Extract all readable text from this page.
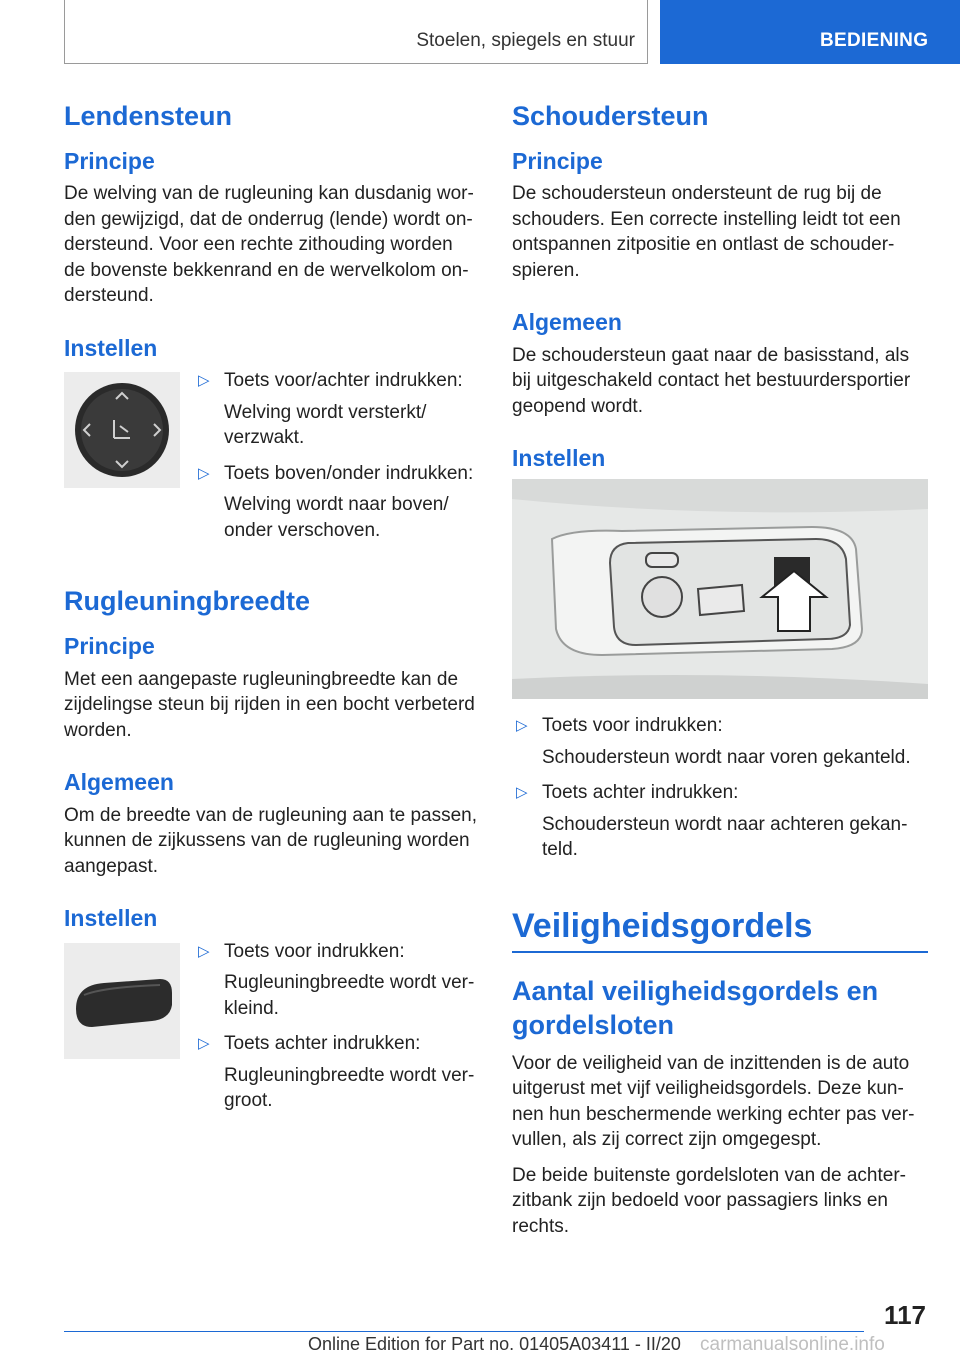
Stoelen, spiegels en stuur	BEDIENING
Lendensteun
Principe

De welving van de rugleuning kan dusdanig wor-den gewijzigd, dat de onderrug (lende) wordt on-dersteund. Voor een rechte zithouding worden de bovenste bekkenrand en de wervelkolom on-dersteund.

Instellen
▷ Toets voor/achter indrukken:
Welving wordt versterkt/ verzwakt.
▷ Toets boven/onder indrukken:
Welving wordt naar boven/ onder verschoven.
Rugleuningbreedte
Principe

Met een aangepaste rugleuningbreedte kan de zijdelingse steun bij rijden in een bocht verbeterd worden.

Algemeen

Om de breedte van de rugleuning aan te passen, kunnen de zijkussens van de rugleuning worden aangepast.

Instellen
▷ Toets voor indrukken:
Rugleuningbreedte wordt ver-kleind.
▷ Toets achter indrukken:
Rugleuningbreedte wordt ver-groot.
Schoudersteun
Principe

De schoudersteun ondersteunt de rug bij de schouders. Een correcte instelling leidt tot een ontspannen zitpositie en ontlast de schouder-spieren.

Algemeen

De schoudersteun gaat naar de basisstand, als bij uitgeschakeld contact het bestuurdersportier geopend wordt.

Instellen
▷ Toets voor indrukken:
Schoudersteun wordt naar voren gekanteld.
▷ Toets achter indrukken:
Schoudersteun wordt naar achteren gekan-teld.
Veiligheidsgordels
Aantal veiligheidsgordels en gordelsloten

Voor de veiligheid van de inzittenden is de auto uitgerust met vijf veiligheidsgordels. Deze kun-nen hun beschermende werking echter pas ver-vullen, als zij correct zijn omgegespt.

De beide buitenste gordelsloten van de achter-zitbank zijn bedoeld voor passagiers links en rechts.

117
Online Edition for Part no. 01405A03411 - II/20 carmanualsonline.info
